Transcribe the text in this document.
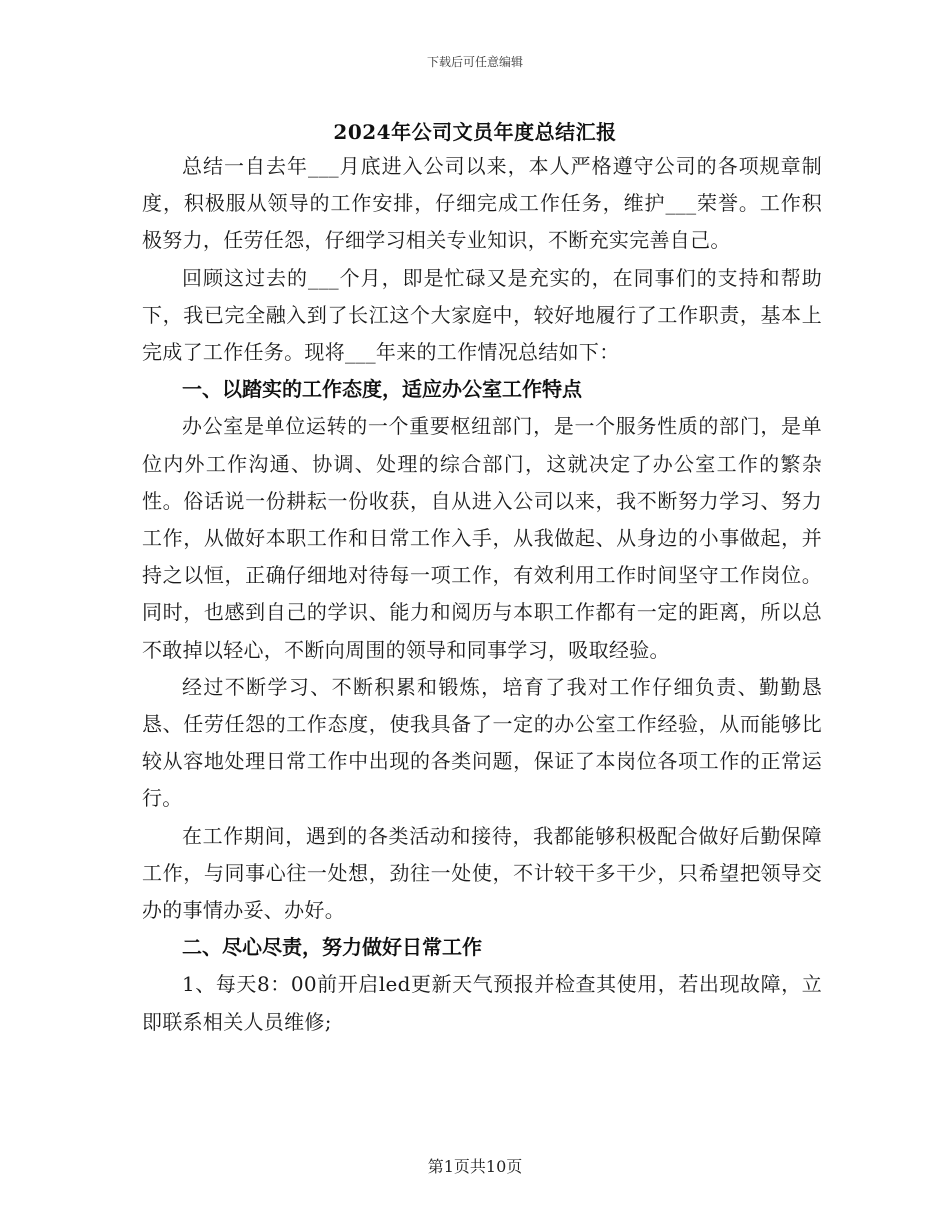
下载后可任意编辑
2024年公司文员年度总结汇报

总结一自去年___月底进入公司以来，本人严格遵守公司的各项规章制度，积极服从领导的工作安排，仔细完成工作任务，维护___荣誉。工作积极努力，任劳任怨，仔细学习相关专业知识，不断充实完善自己。

回顾这过去的___个月，即是忙碌又是充实的，在同事们的支持和帮助下，我已完全融入到了长江这个大家庭中，较好地履行了工作职责，基本上完成了工作任务。现将___年来的工作情况总结如下：

一、以踏实的工作态度，适应办公室工作特点

办公室是单位运转的一个重要枢纽部门，是一个服务性质的部门，是单位内外工作沟通、协调、处理的综合部门，这就决定了办公室工作的繁杂性。俗话说一份耕耘一份收获，自从进入公司以来，我不断努力学习、努力工作，从做好本职工作和日常工作入手，从我做起、从身边的小事做起，并持之以恒，正确仔细地对待每一项工作，有效利用工作时间坚守工作岗位。同时，也感到自己的学识、能力和阅历与本职工作都有一定的距离，所以总不敢掉以轻心，不断向周围的领导和同事学习，吸取经验。

经过不断学习、不断积累和锻炼，培育了我对工作仔细负责、勤勤恳恳、任劳任怨的工作态度，使我具备了一定的办公室工作经验，从而能够比较从容地处理日常工作中出现的各类问题，保证了本岗位各项工作的正常运行。

在工作期间，遇到的各类活动和接待，我都能够积极配合做好后勤保障工作，与同事心往一处想，劲往一处使，不计较干多干少，只希望把领导交办的事情办妥、办好。

二、尽心尽责，努力做好日常工作

1、每天8：00前开启led更新天气预报并检查其使用，若出现故障，立即联系相关人员维修;

第1页共10页
